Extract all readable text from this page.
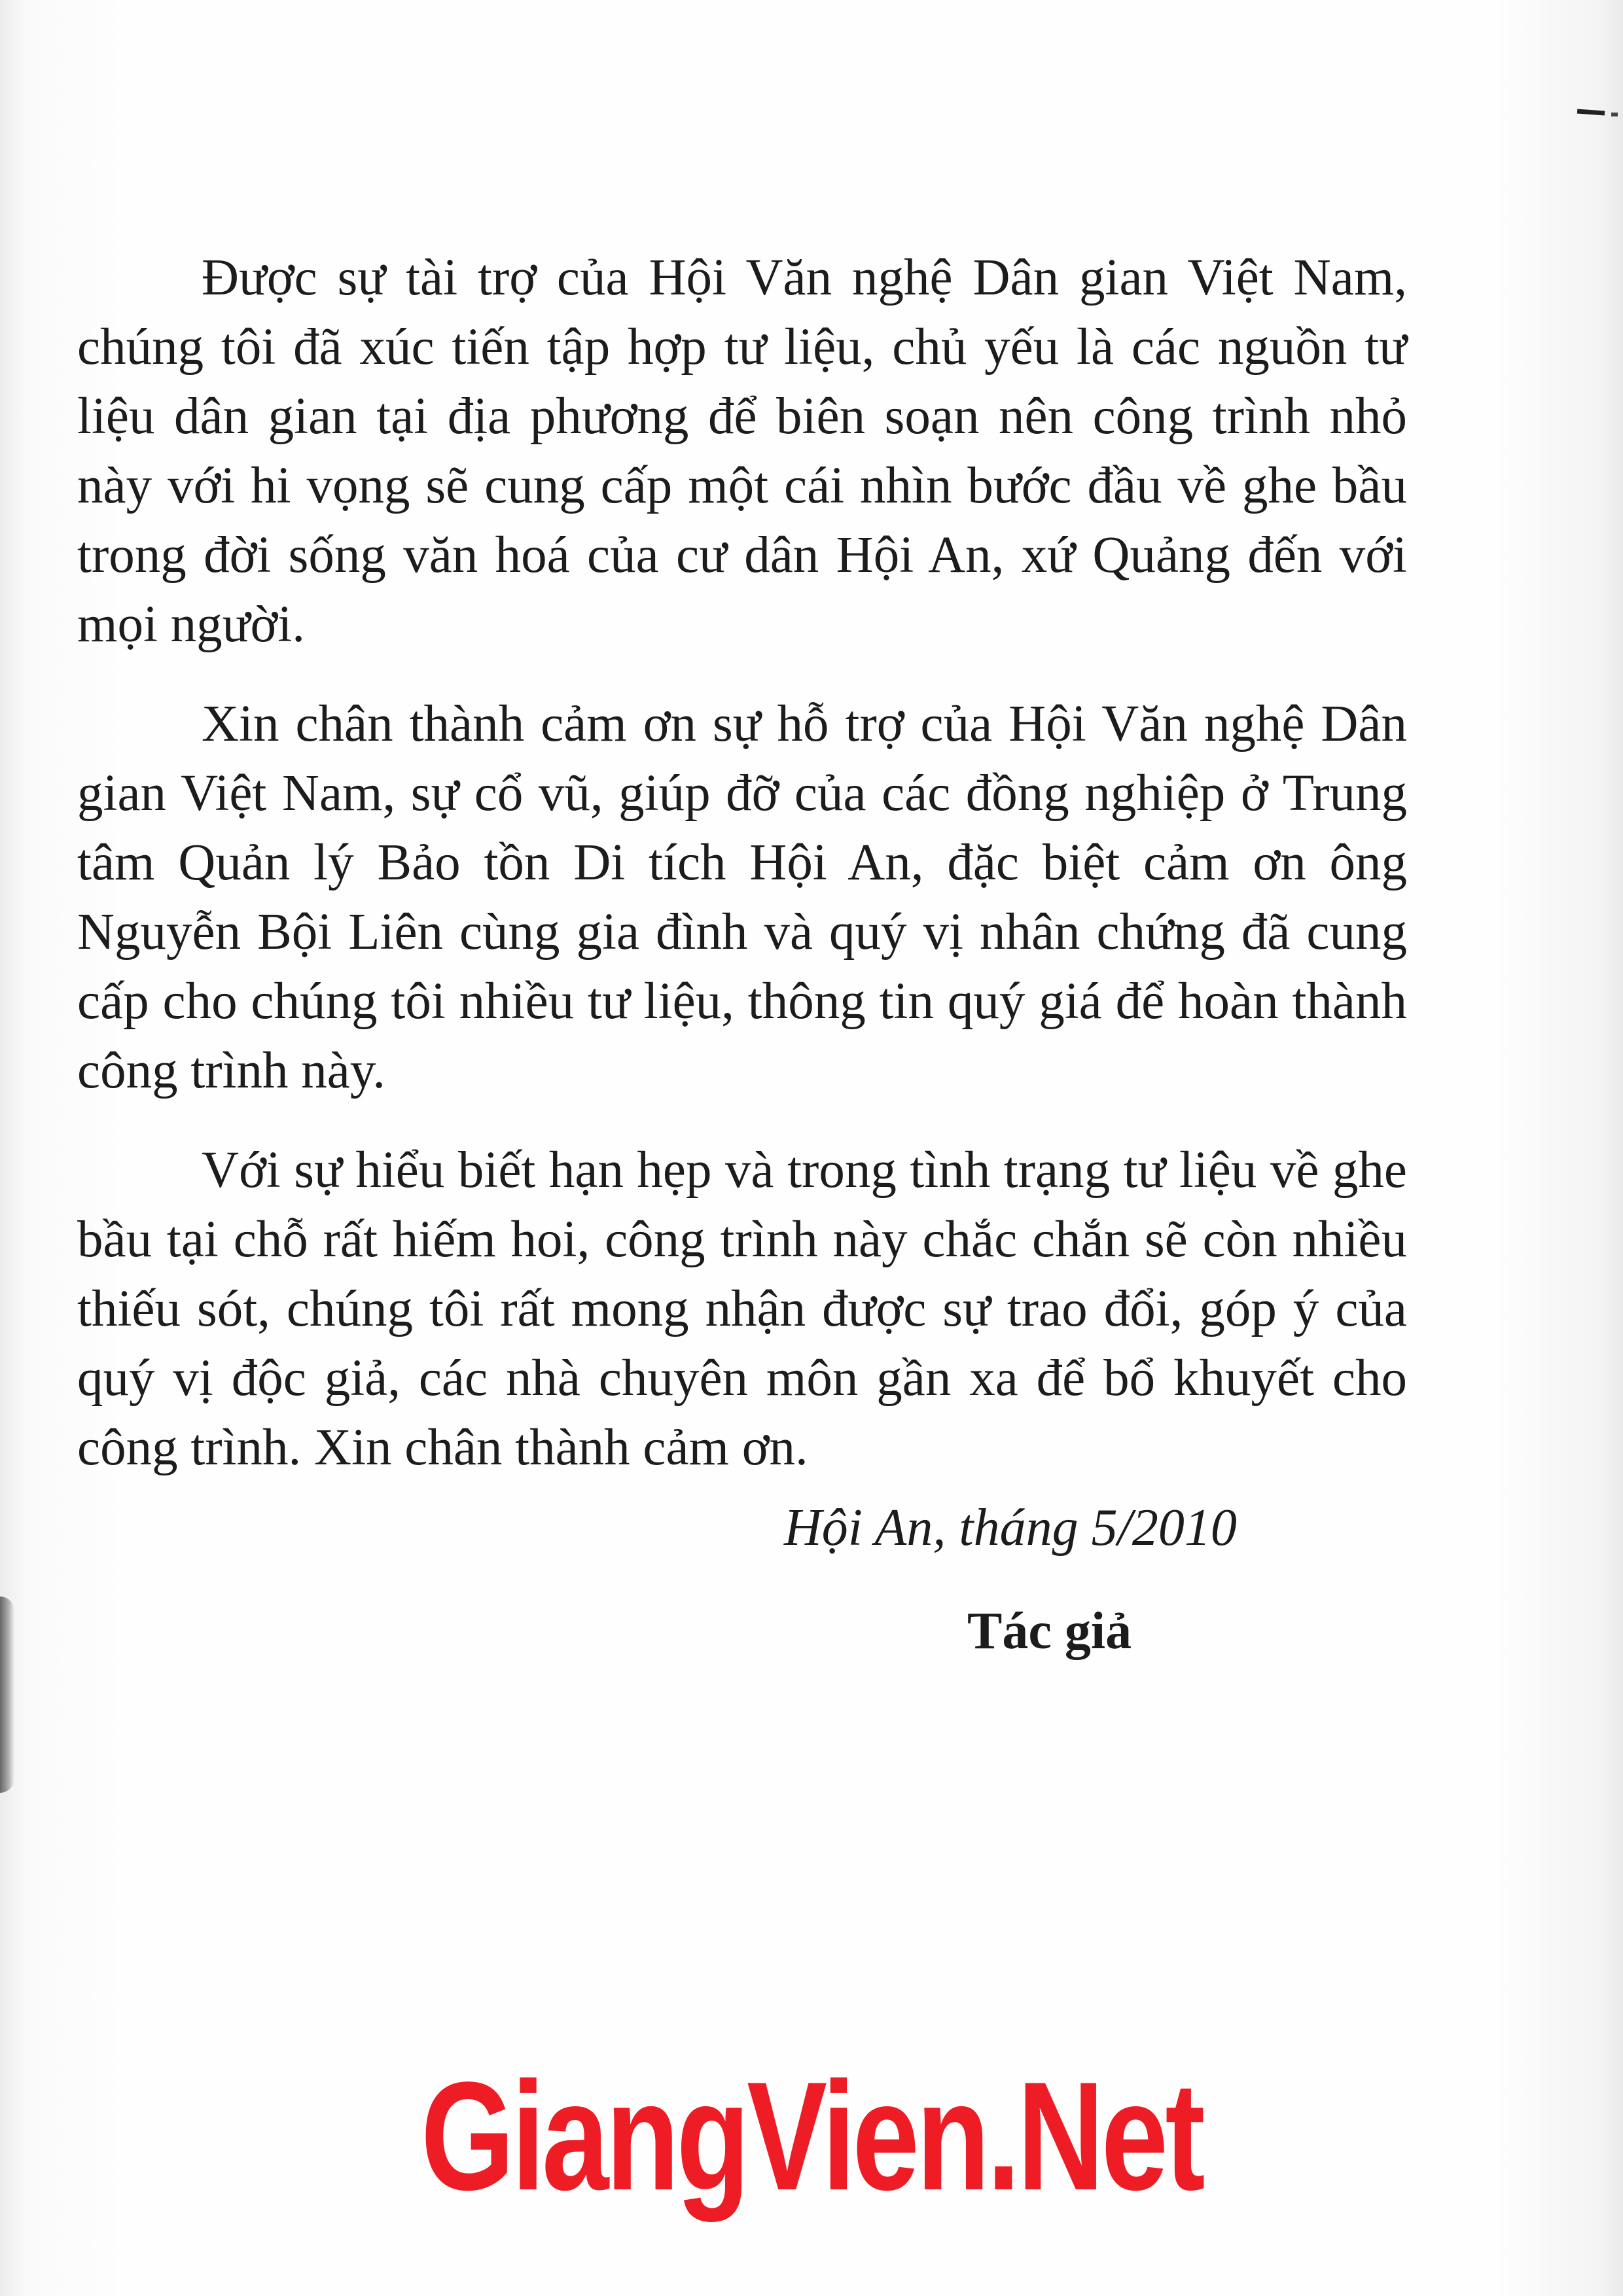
Được sự tài trợ của Hội Văn nghệ Dân gian Việt Nam, chúng tôi đã xúc tiến tập hợp tư liệu, chủ yếu là các nguồn tư liệu dân gian tại địa phương để biên soạn nên công trình nhỏ này với hi vọng sẽ cung cấp một cái nhìn bước đầu về ghe bầu trong đời sống văn hoá của cư dân Hội An, xứ Quảng đến với mọi người.

Xin chân thành cảm ơn sự hỗ trợ của Hội Văn nghệ Dân gian Việt Nam, sự cổ vũ, giúp đỡ của các đồng nghiệp ở Trung tâm Quản lý Bảo tồn Di tích Hội An, đặc biệt cảm ơn ông Nguyễn Bội Liên cùng gia đình và quý vị nhân chứng đã cung cấp cho chúng tôi nhiều tư liệu, thông tin quý giá để hoàn thành công trình này.

Với sự hiểu biết hạn hẹp và trong tình trạng tư liệu về ghe bầu tại chỗ rất hiếm hoi, công trình này chắc chắn sẽ còn nhiều thiếu sót, chúng tôi rất mong nhận được sự trao đổi, góp ý của quý vị độc giả, các nhà chuyên môn gần xa để bổ khuyết cho công trình. Xin chân thành cảm ơn.

Hội An, tháng 5/2010
Tác giả
GiangVien.Net
